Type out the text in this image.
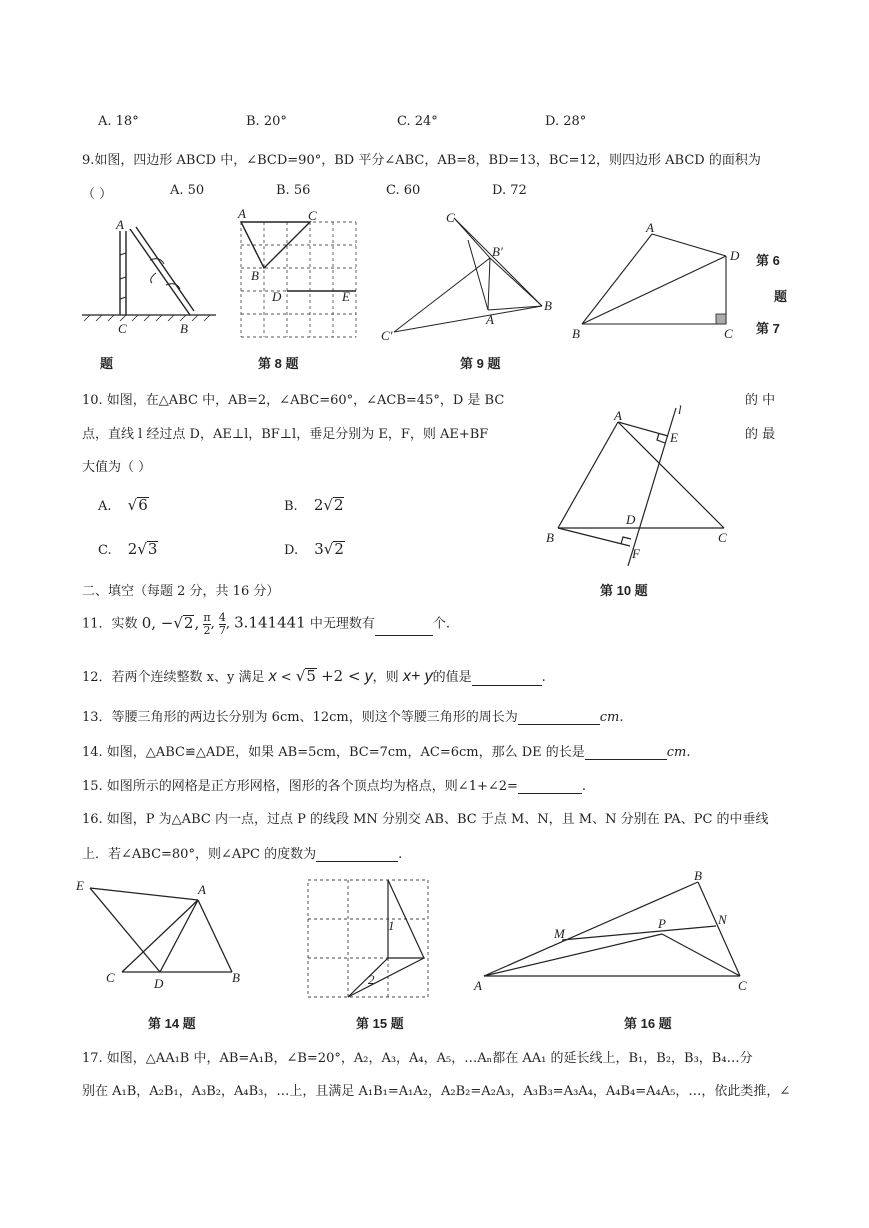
A. 18°	B. 20°	C. 24°	D. 28°
9.如图，四边形 ABCD 中，∠BCD=90°，BD 平分∠ABC，AB=8，BD=13，BC=12，则四边形 ABCD 的面积为
（ ）	A. 50	B. 56	C. 60	D. 72
A
C	B
A	C
B
D	E
第 8 题
C
B′
B
A
C′
第 9 题
A
D
B	C
第 6
题
第 7
题
10. 如图，在△ABC 中，AB=2，∠ABC=60°，∠ACB=45°，D 是 BC	的 中
点，直线 l 经过点 D，AE⊥l，BF⊥l，垂足分别为 E，F，则 AE+BF	的 最
大值为（ ）
A. √6	B. 2√2
C. 2√3	D. 3√2
A	l
E
D
B	C
F
第 10 题
二、填空（每题 2 分，共 16 分）
11．实数 0, −√2, $\frac{\pi}{2}$ , $\frac{4}{7}$ , 3.141441 中无理数有	个.
12．若两个连续整数 x、y 满足 x < √5 +2 < y，则 x+ y的值是	.
13．等腰三角形的两边长分别为 6cm、12cm，则这个等腰三角形的周长为	cm.
14. 如图，△ABC≌△ADE，如果 AB=5cm，BC=7cm，AC=6cm，那么 DE 的长是	cm.
15. 如图所示的网格是正方形网格，图形的各个顶点均为格点，则∠1+∠2=	.
16. 如图，P 为△ABC 内一点，过点 P 的线段 MN 分别交 AB、BC 于点 M、N，且 M、N 分别在 PA、PC 的中垂线
上．若∠ABC=80°，则∠APC 的度数为	.
E	A
C	D	B
第 14 题
1
2
第 15 题
B
N
M
P
A	C
第 16 题
17. 如图，△AA₁B 中，AB=A₁B，∠B=20°，A₂，A₃，A₄，A₅，…Aₙ都在 AA₁ 的延长线上，B₁，B₂，B₃，B₄…分
别在 A₁B，A₂B₁，A₃B₂，A₄B₃，…上，且满足 A₁B₁=A₁A₂，A₂B₂=A₂A₃，A₃B₃=A₃A₄，A₄B₄=A₄A₅，…，依此类推，∠
